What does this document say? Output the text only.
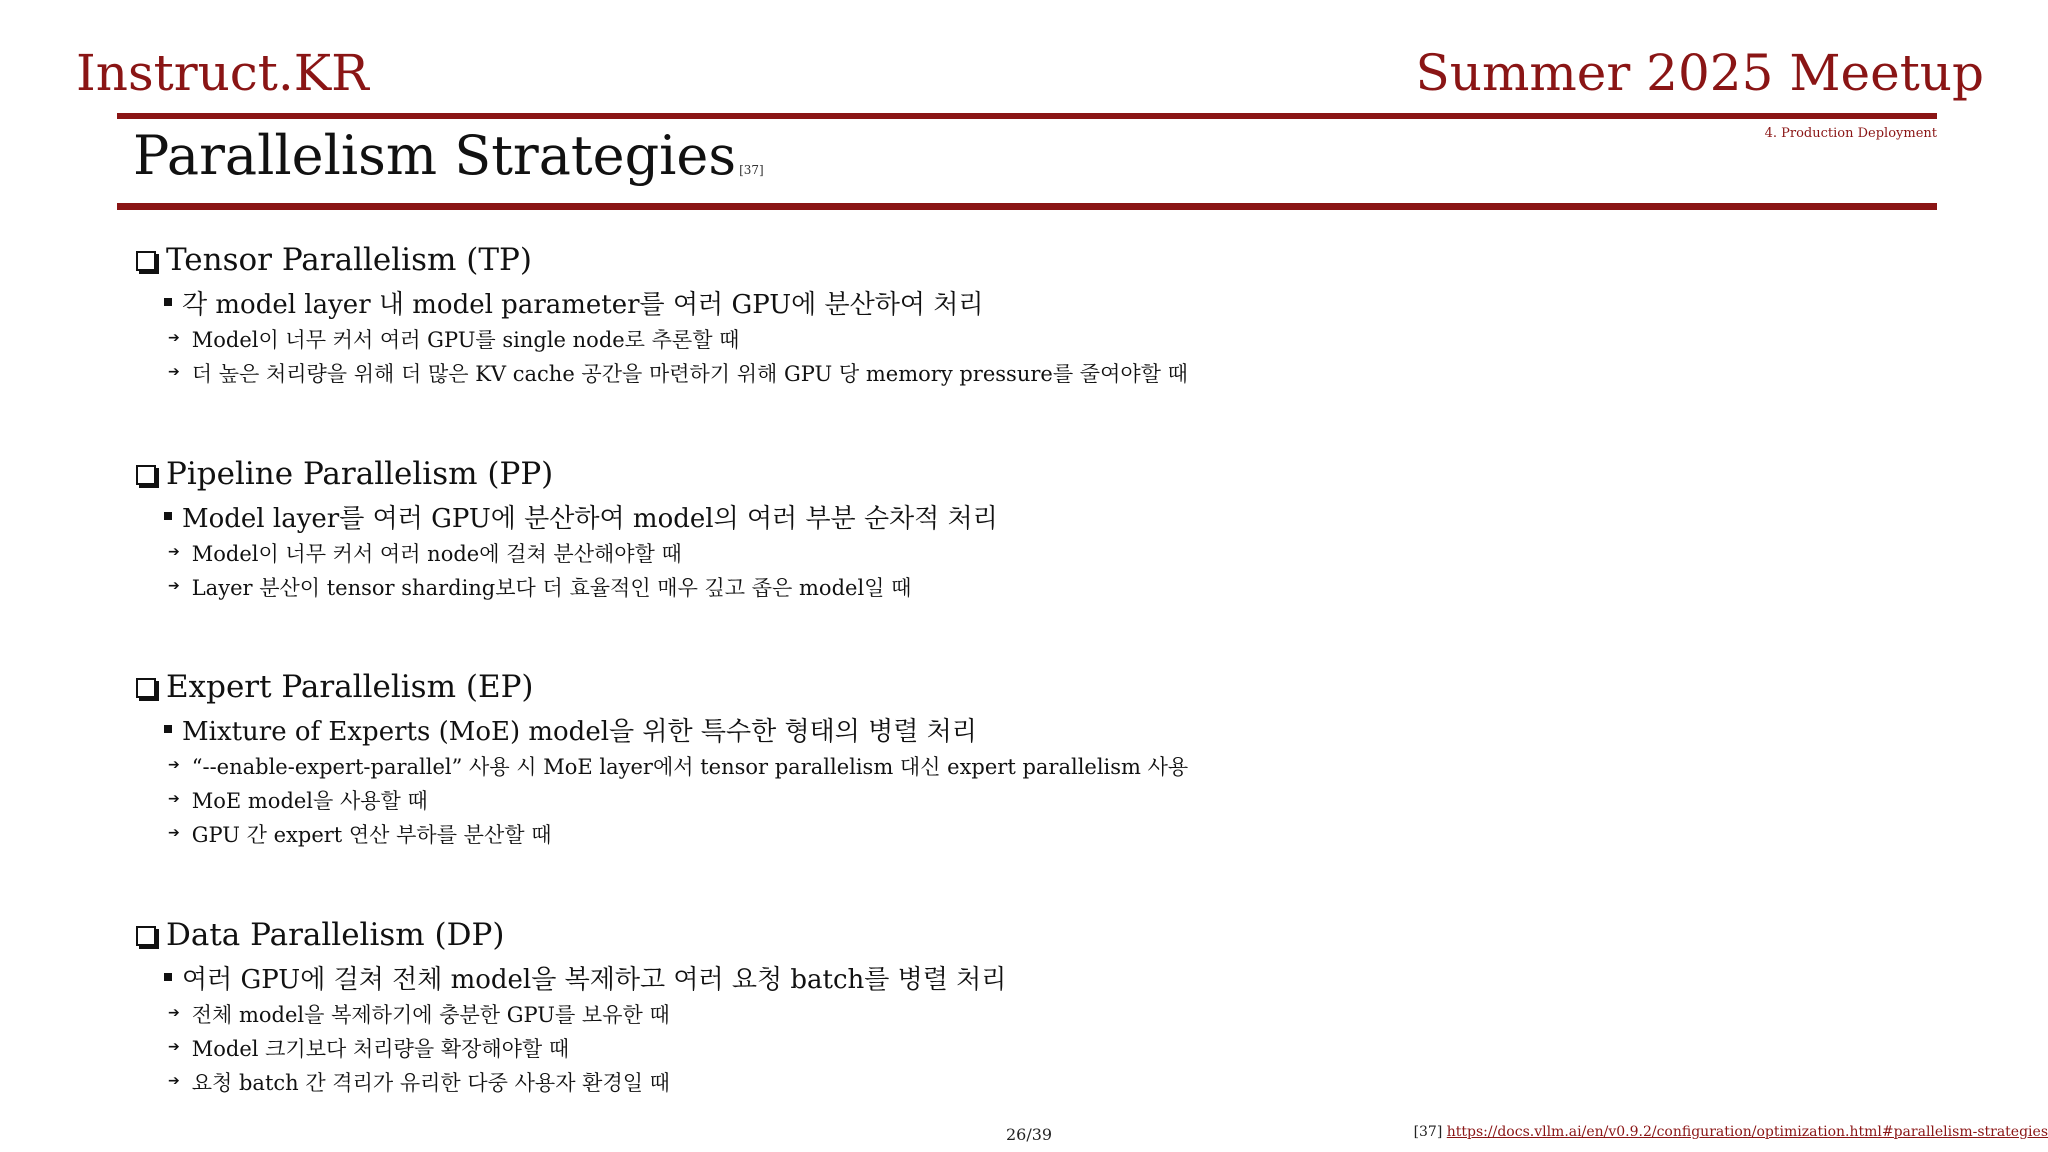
Instruct.KR	Summer 2025 Meetup
4. Production Deployment
Parallelism Strategies [37]
Tensor Parallelism (TP)
각 model layer 내 model parameter를 여러 GPU에 분산하여 처리
➔ Model이 너무 커서 여러 GPU를 single node로 추론할 때
➔ 더 높은 처리량을 위해 더 많은 KV cache 공간을 마련하기 위해 GPU 당 memory pressure를 줄여야할 때
Pipeline Parallelism (PP)
Model layer를 여러 GPU에 분산하여 model의 여러 부분 순차적 처리
➔ Model이 너무 커서 여러 node에 걸쳐 분산해야할 때
➔ Layer 분산이 tensor sharding보다 더 효율적인 매우 깊고 좁은 model일 때
Expert Parallelism (EP)
Mixture of Experts (MoE) model을 위한 특수한 형태의 병렬 처리
➔ “--enable-expert-parallel” 사용 시 MoE layer에서 tensor parallelism 대신 expert parallelism 사용
➔ MoE model을 사용할 때
➔ GPU 간 expert 연산 부하를 분산할 때
Data Parallelism (DP)
여러 GPU에 걸쳐 전체 model을 복제하고 여러 요청 batch를 병렬 처리
➔ 전체 model을 복제하기에 충분한 GPU를 보유한 때
➔ Model 크기보다 처리량을 확장해야할 때
➔ 요청 batch 간 격리가 유리한 다중 사용자 환경일 때
26/39	[37] https://docs.vllm.ai/en/v0.9.2/configuration/optimization.html#parallelism-strategies
